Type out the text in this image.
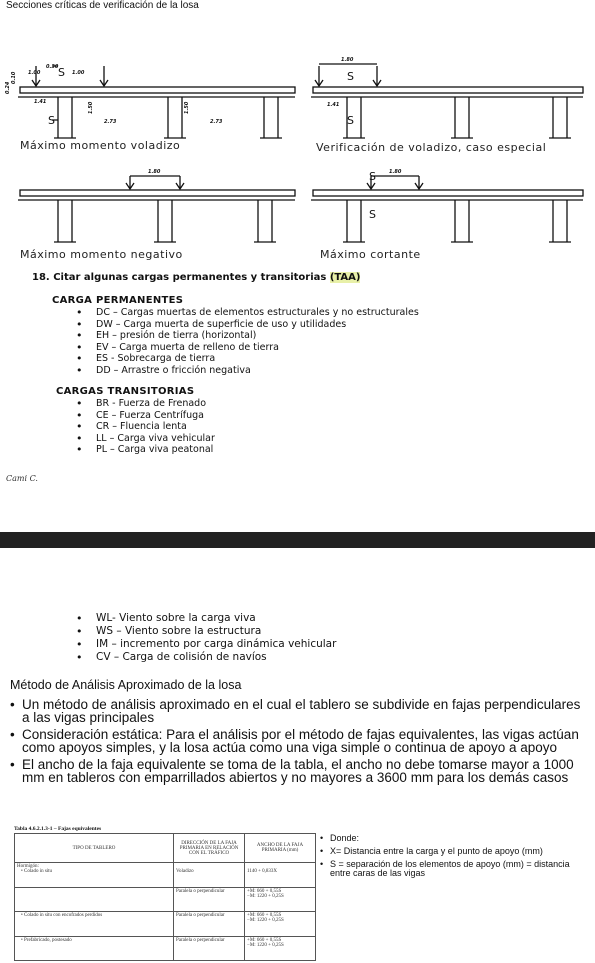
Secciones críticas de verificación de la losa
1.00
0.30
1.00
1.41
2.73
1.50
2.73
1.50
0.24
0.10	S
S
Máximo momento voladizo
1.80
1.41
S
S
Verificación de voladizo, caso especial
1.80
Máximo momento negativo
1.80
S
S
Máximo cortante
18. Citar algunas cargas permanentes y transitorias (TAA)
CARGA PERMANENTES
• DC – Cargas muertas de elementos estructurales y no estructurales
• DW – Carga muerta de superficie de uso y utilidades
• EH – presión de tierra (horizontal)
• EV – Carga muerta de relleno de tierra
• ES - Sobrecarga de tierra
• DD – Arrastre o fricción negativa
CARGAS TRANSITORIAS
• BR - Fuerza de Frenado
• CE – Fuerza Centrífuga
• CR – Fluencia lenta
• LL – Carga viva vehicular
• PL – Carga viva peatonal
Cami C.
• WL- Viento sobre la carga viva
• WS – Viento sobre la estructura
• IM – incremento por carga dinámica vehicular
• CV – Carga de colisión de navíos
Método de Análisis Aproximado de la losa
• Un método de análisis aproximado en el cual el tablero se subdivide en fajas perpendiculares a las vigas principales
• Consideración estática: Para el análisis por el método de fajas equivalentes, las vigas actúan como apoyos simples, y la losa actúa como una viga simple o continua de apoyo a apoyo
• El ancho de la faja equivalente se toma de la tabla, el ancho no debe tomarse mayor a 1000 mm en tableros con emparrillados abiertos y no mayores a 3600 mm para los demás casos
Tabla 4.6.2.1.3-1 – Fajas equivalentes
TIPO DE TABLERO	DIRECCIÓN DE LA FAJA PRIMARIA EN RELACIÓN CON EL TRÁFICO	ANCHO DE LA FAJA PRIMARIA (mm)

Hormigón:
• Colado in situ	Voladizo	1140 + 0,833X
	Paralela o perpendicular	+M: 660 + 0,55S
−M: 1220 + 0,25S
• Colado in situ con encofrados perdidos	Paralela o perpendicular	+M: 660 + 0,55S
−M: 1220 + 0,25S
• Prefabricado, postesado	Paralela o perpendicular	+M: 660 + 0,55S
−M: 1220 + 0,25S
• Donde:
• X= Distancia entre la carga y el punto de apoyo (mm)
• S = separación de los elementos de apoyo (mm) = distancia entre caras de las vigas
